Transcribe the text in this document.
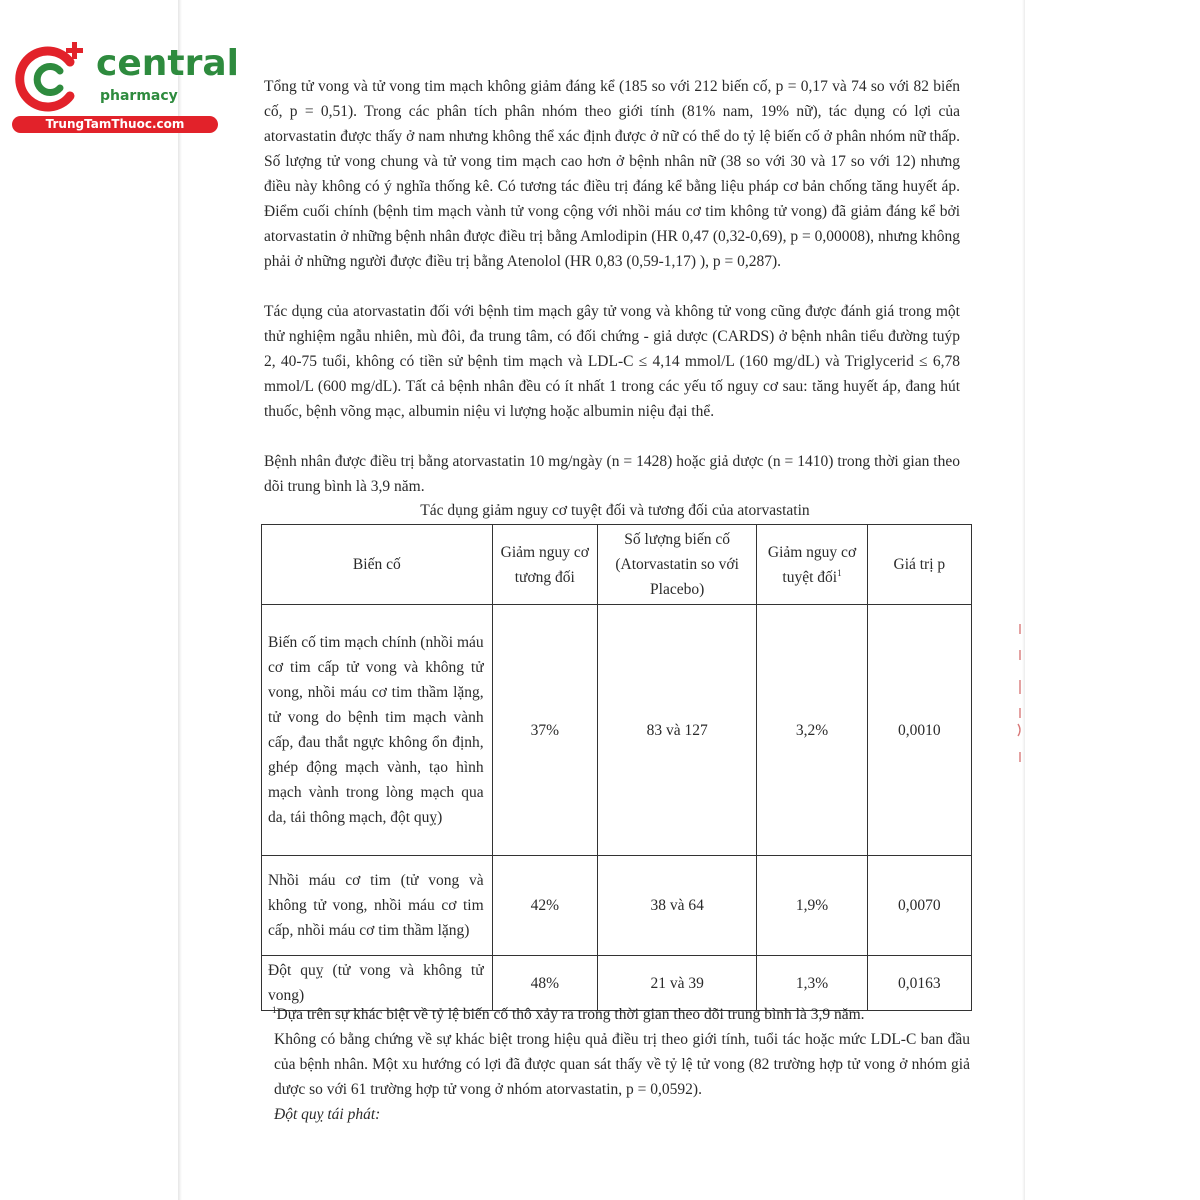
central
pharmacy
TrungTamThuoc.com
Tổng tử vong và tử vong tim mạch không giảm đáng kể (185 so với 212 biến cố, p = 0,17 và 74 so với 82 biến cố, p = 0,51). Trong các phân tích phân nhóm theo giới tính (81% nam, 19% nữ), tác dụng có lợi của atorvastatin được thấy ở nam nhưng không thể xác định được ở nữ có thể do tỷ lệ biến cố ở phân nhóm nữ thấp. Số lượng tử vong chung và tử vong tim mạch cao hơn ở bệnh nhân nữ (38 so với 30 và 17 so với 12) nhưng điều này không có ý nghĩa thống kê. Có tương tác điều trị đáng kể bằng liệu pháp cơ bản chống tăng huyết áp. Điểm cuối chính (bệnh tim mạch vành tử vong cộng với nhồi máu cơ tim không tử vong) đã giảm đáng kể bởi atorvastatin ở những bệnh nhân được điều trị bằng Amlodipin (HR 0,47 (0,32-0,69), p = 0,00008), nhưng không phải ở những người được điều trị bằng Atenolol (HR 0,83 (0,59-1,17) ), p = 0,287).
Tác dụng của atorvastatin đối với bệnh tim mạch gây tử vong và không tử vong cũng được đánh giá trong một thử nghiệm ngẫu nhiên, mù đôi, đa trung tâm, có đối chứng - giả dược (CARDS) ở bệnh nhân tiểu đường tuýp 2, 40-75 tuổi, không có tiền sử bệnh tim mạch và LDL-C ≤ 4,14 mmol/L (160 mg/dL) và Triglycerid ≤ 6,78 mmol/L (600 mg/dL). Tất cả bệnh nhân đều có ít nhất 1 trong các yếu tố nguy cơ sau: tăng huyết áp, đang hút thuốc, bệnh võng mạc, albumin niệu vi lượng hoặc albumin niệu đại thể.
Bệnh nhân được điều trị bằng atorvastatin 10 mg/ngày (n = 1428) hoặc giả dược (n = 1410) trong thời gian theo dõi trung bình là 3,9 năm.
Tác dụng giảm nguy cơ tuyệt đối và tương đối của atorvastatin
Biến cố	Giảm nguy cơ tương đối	Số lượng biến cố (Atorvastatin so với Placebo)	Giảm nguy cơ tuyệt đối$^1$	Giá trị p
Biến cố tim mạch chính (nhồi máu cơ tim cấp tử vong và không tử vong, nhồi máu cơ tim thầm lặng, tử vong do bệnh tim mạch vành cấp, đau thắt ngực không ổn định, ghép động mạch vành, tạo hình mạch vành trong lòng mạch qua da, tái thông mạch, đột quỵ)	37%	83 và 127	3,2%	0,0010
Nhồi máu cơ tim (tử vong và không tử vong, nhồi máu cơ tim cấp, nhồi máu cơ tim thầm lặng)	42%	38 và 64	1,9%	0,0070
Đột quỵ (tử vong và không tử vong)	48%	21 và 39	1,3%	0,0163
$^1$Dựa trên sự khác biệt về tỷ lệ biến cố thô xảy ra trong thời gian theo dõi trung bình là 3,9 năm.
Không có bằng chứng về sự khác biệt trong hiệu quả điều trị theo giới tính, tuổi tác hoặc mức LDL-C ban đầu của bệnh nhân. Một xu hướng có lợi đã được quan sát thấy về tỷ lệ tử vong (82 trường hợp tử vong ở nhóm giả dược so với 61 trường hợp tử vong ở nhóm atorvastatin, p = 0,0592).
Đột quỵ tái phát:
